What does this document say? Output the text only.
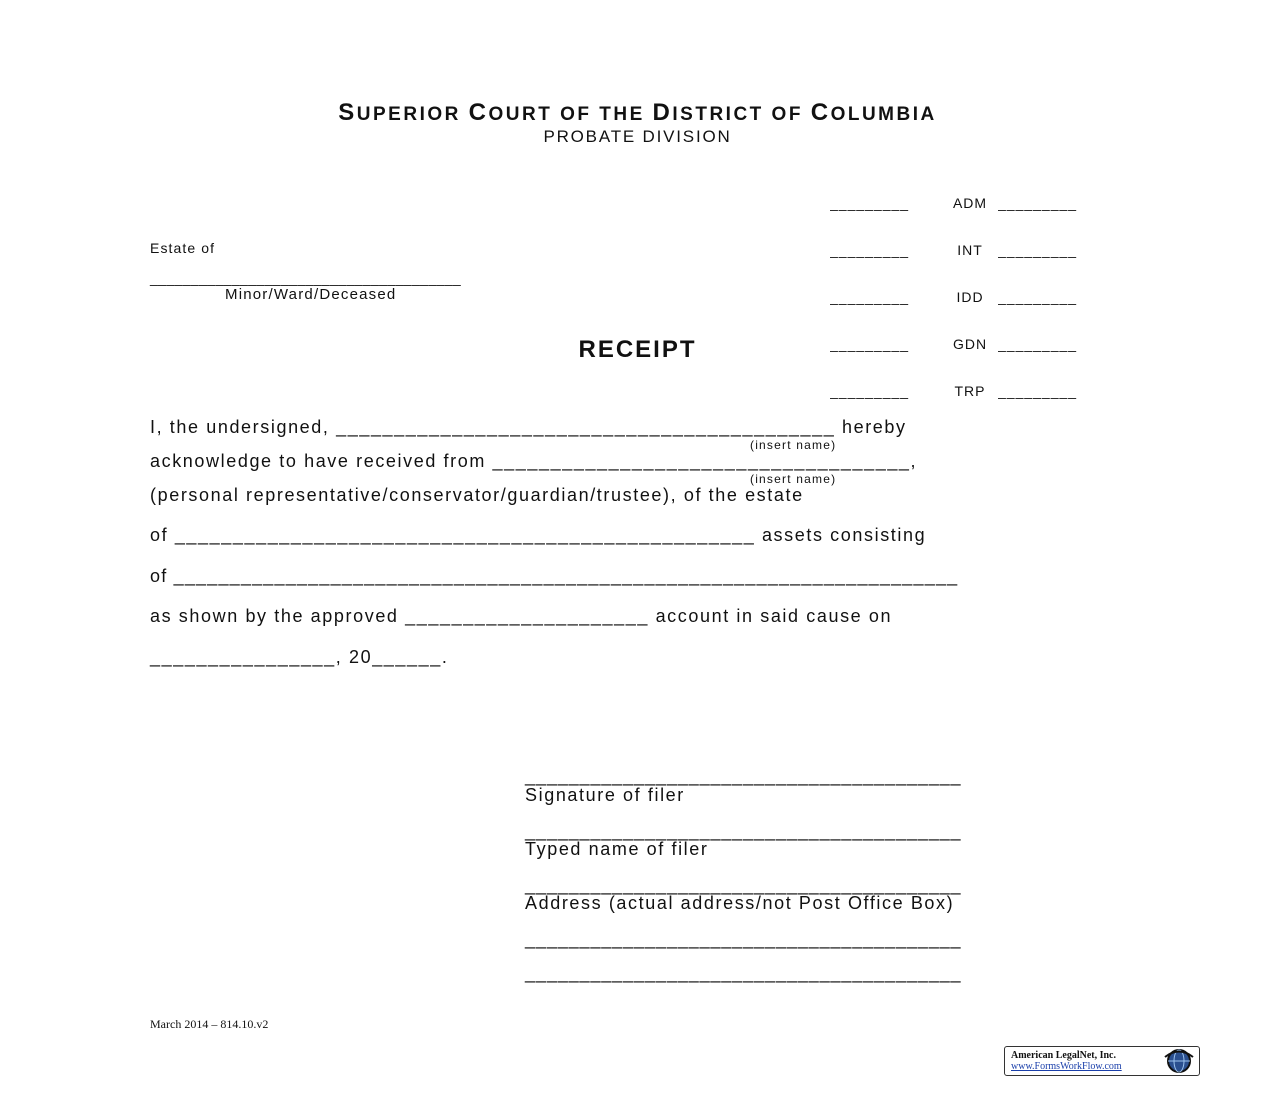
SUPERIOR COURT OF THE DISTRICT OF COLUMBIA
PROBATE DIVISION

_________	ADM _________

_________	INT	_________

_________	IDD	_________

_________	GDN _________

_________	TRP _________

Estate of
______________________________________
Minor/Ward/Deceased
RECEIPT
I, the undersigned, ___________________________________________ hereby
(insert name)
acknowledge to have received from ____________________________________,
(insert name)
(personal representative/conservator/guardian/trustee), of the estate
of __________________________________________________ assets consisting
of ______________________________________________________________________
as shown by the approved _____________________ account in said cause on
________________, 20______.
________________________________________
Signature of filer
________________________________________
Typed name of filer
________________________________________
Address (actual address/not Post Office Box)
________________________________________
________________________________________
March 2014 – 814.10.v2
American LegalNet, Inc.
www.FormsWorkFlow.com
